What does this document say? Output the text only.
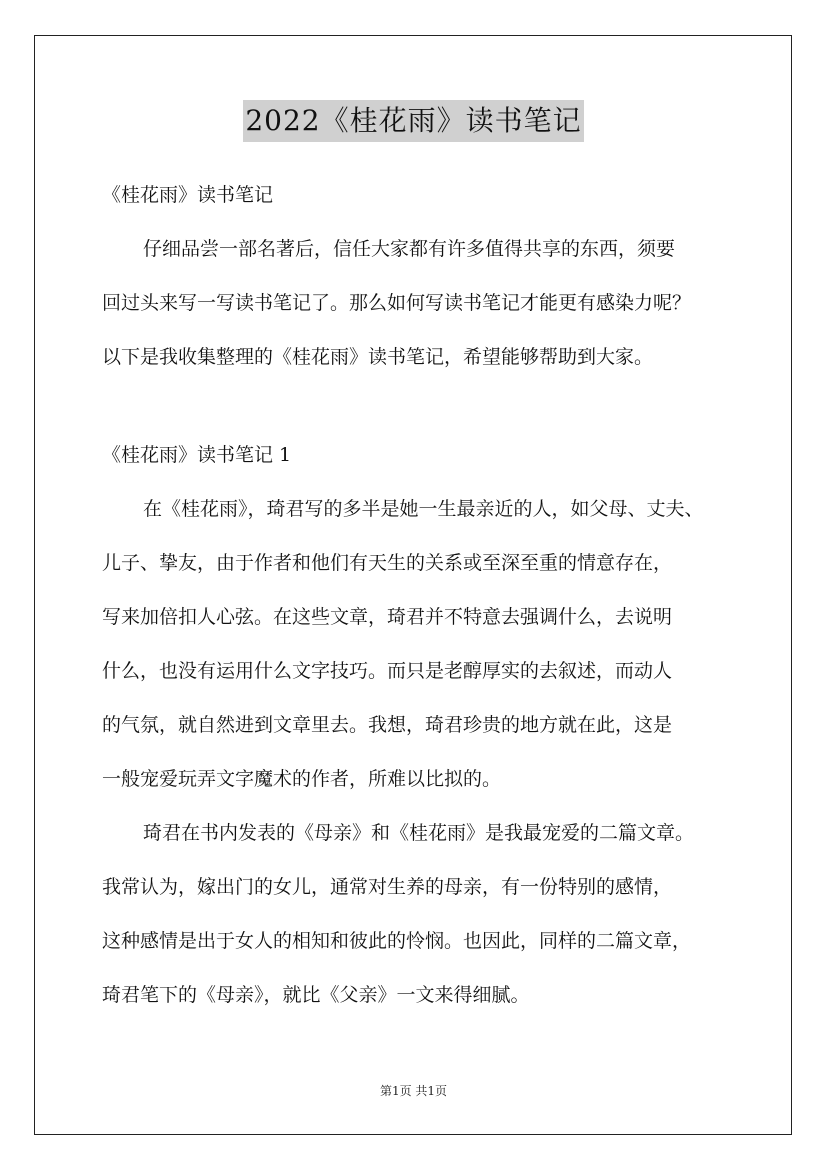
2022《桂花雨》读书笔记
《桂花雨》读书笔记
仔细品尝一部名著后，信任大家都有许多值得共享的东西，须要
回过头来写一写读书笔记了。那么如何写读书笔记才能更有感染力呢？
以下是我收集整理的《桂花雨》读书笔记，希望能够帮助到大家。
《桂花雨》读书笔记 1
在《桂花雨》，琦君写的多半是她一生最亲近的人，如父母、丈夫、
儿子、挚友，由于作者和他们有天生的关系或至深至重的情意存在，
写来加倍扣人心弦。在这些文章，琦君并不特意去强调什么，去说明
什么，也没有运用什么文字技巧。而只是老醇厚实的去叙述，而动人
的气氛，就自然进到文章里去。我想，琦君珍贵的地方就在此，这是
一般宠爱玩弄文字魔术的作者，所难以比拟的。
琦君在书内发表的《母亲》和《桂花雨》是我最宠爱的二篇文章。
我常认为，嫁出门的女儿，通常对生养的母亲，有一份特别的感情，
这种感情是出于女人的相知和彼此的怜悯。也因此，同样的二篇文章，
琦君笔下的《母亲》，就比《父亲》一文来得细腻。
第1页 共1页
